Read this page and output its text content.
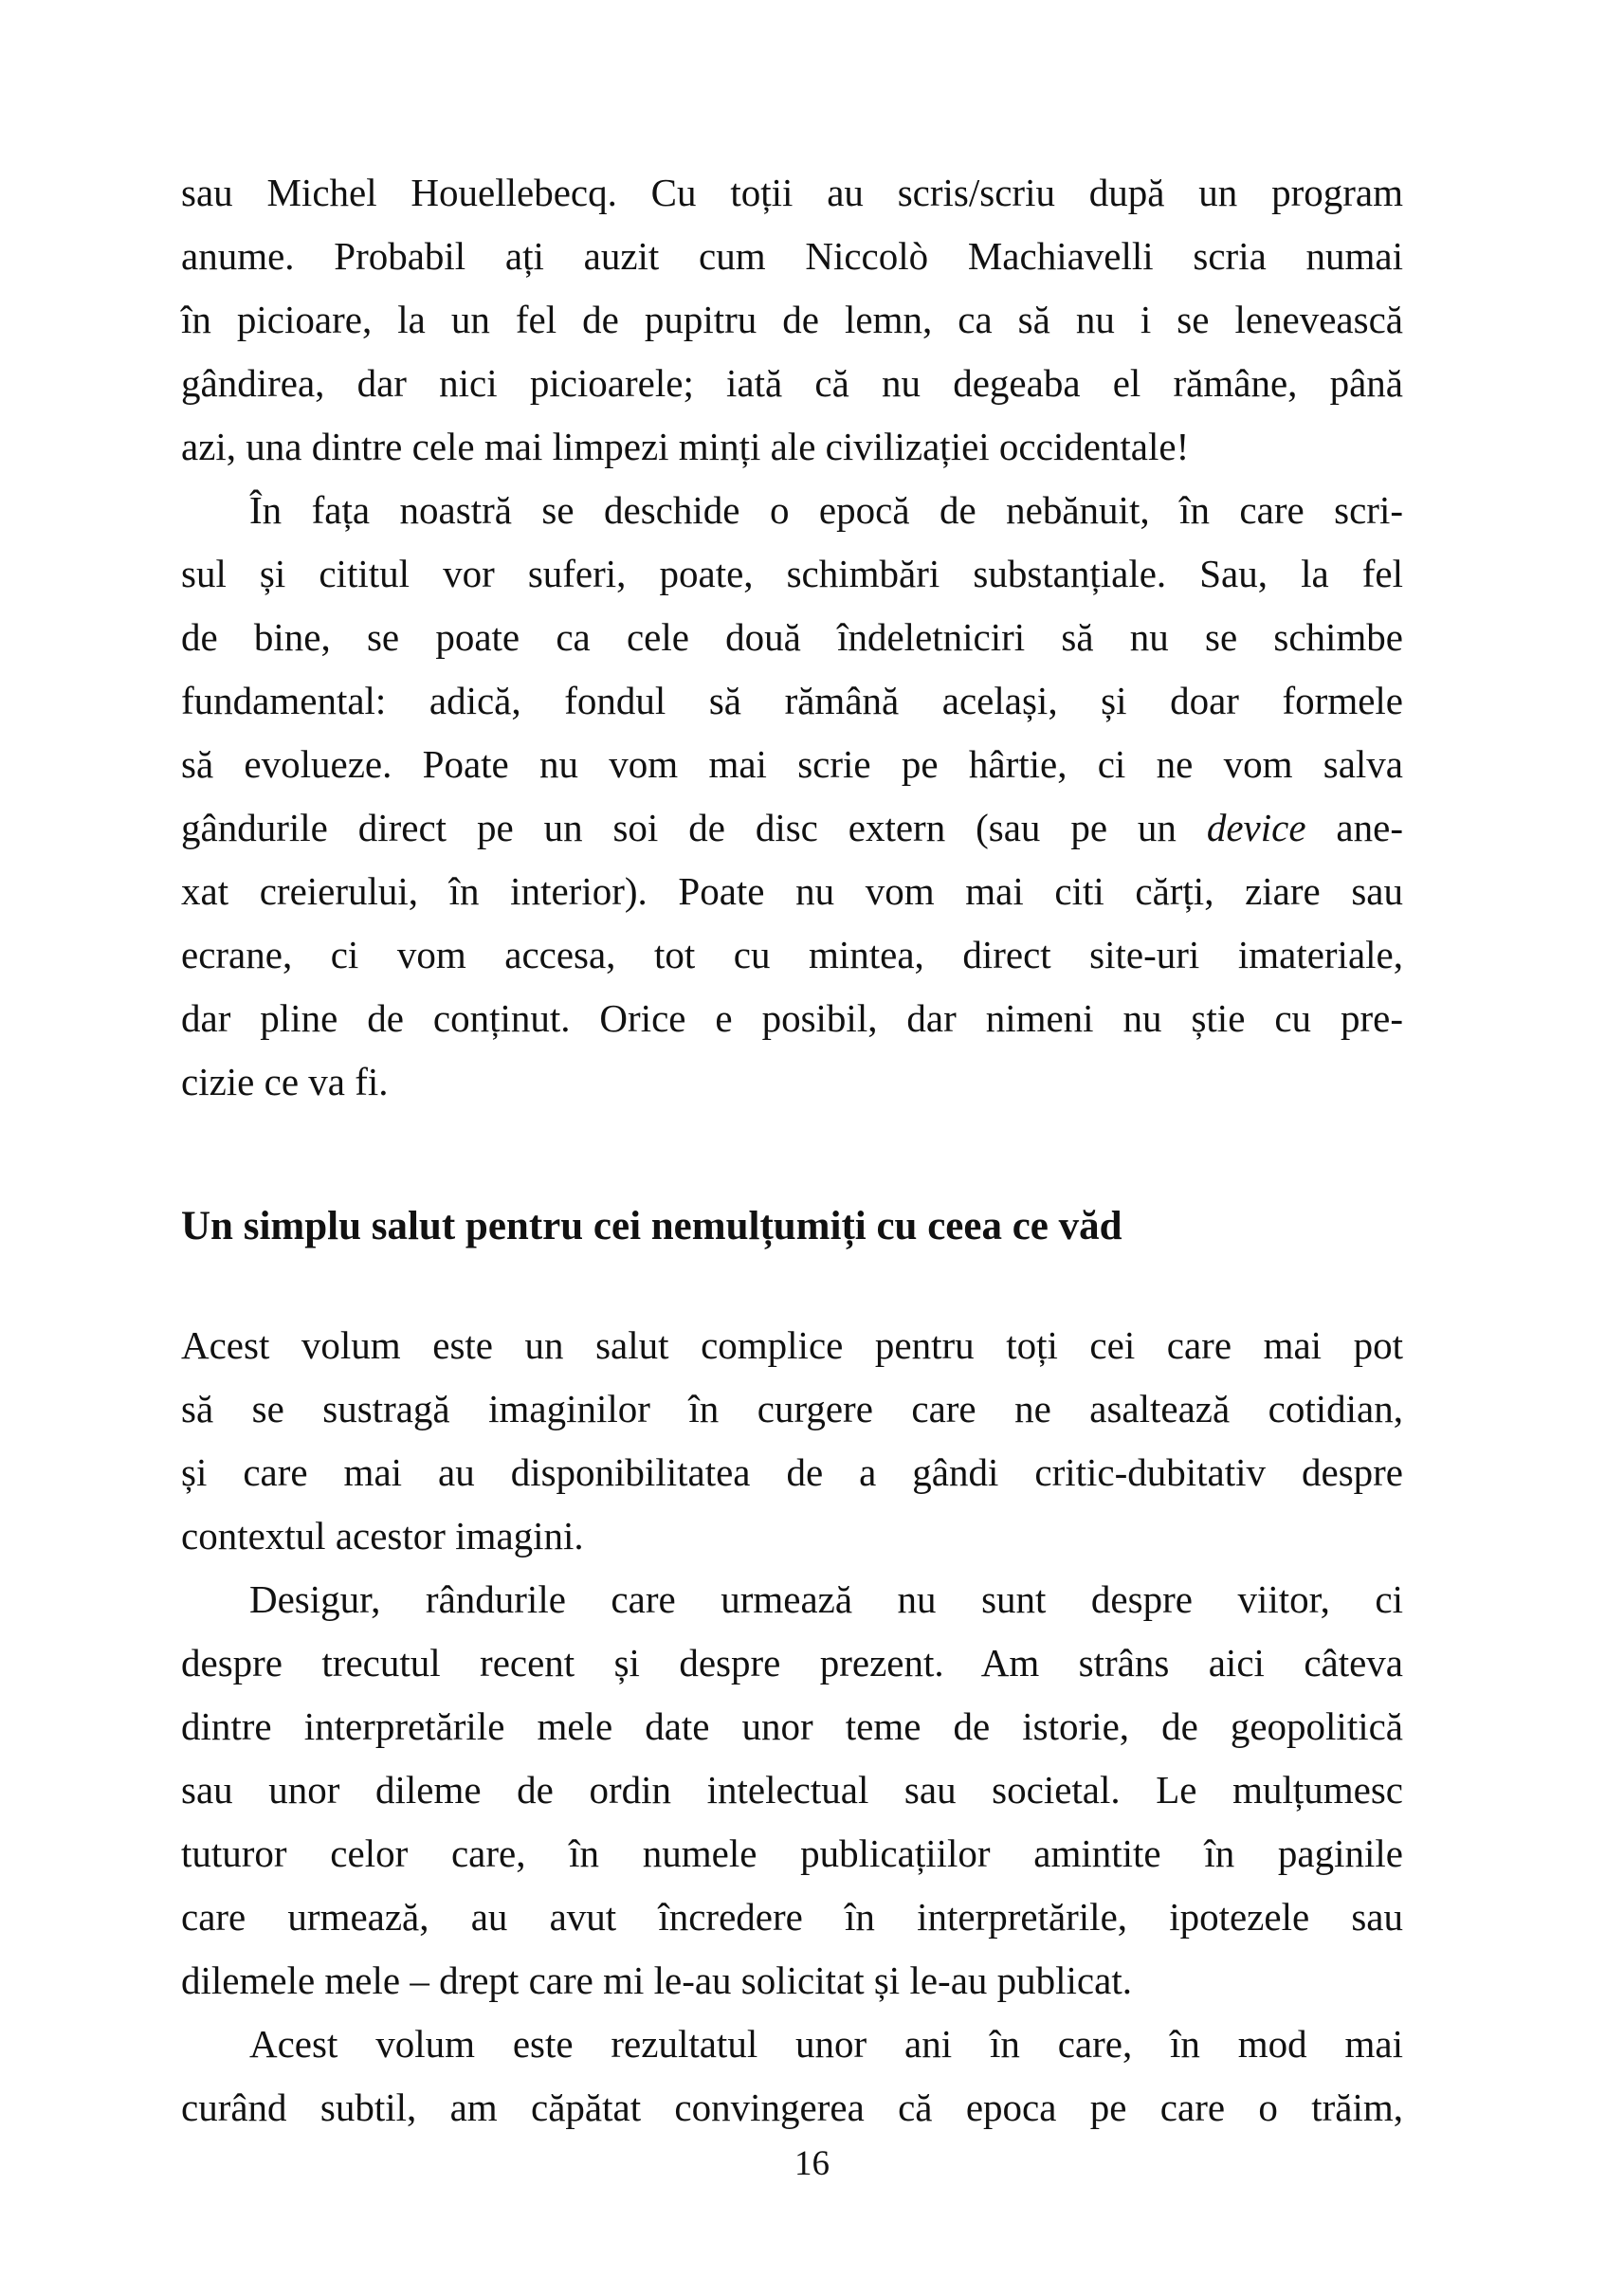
sau Michel Houellebecq. Cu toții au scris/scriu după un program
anume. Probabil ați auzit cum Niccolò Machiavelli scria numai
în picioare, la un fel de pupitru de lemn, ca să nu i se lenevească
gândirea, dar nici picioarele; iată că nu degeaba el rămâne, până
azi, una dintre cele mai limpezi minți ale civilizației occidentale!
În fața noastră se deschide o epocă de nebănuit, în care scri-
sul și cititul vor suferi, poate, schimbări substanțiale. Sau, la fel
de bine, se poate ca cele două îndeletniciri să nu se schimbe
fundamental: adică, fondul să rămână același, și doar formele
să evolueze. Poate nu vom mai scrie pe hârtie, ci ne vom salva
gândurile direct pe un soi de disc extern (sau pe un device ane-
xat creierului, în interior). Poate nu vom mai citi cărți, ziare sau
ecrane, ci vom accesa, tot cu mintea, direct site-uri imateriale,
dar pline de conținut. Orice e posibil, dar nimeni nu știe cu pre-
cizie ce va fi.
Un simplu salut pentru cei nemulțumiți cu ceea ce văd
Acest volum este un salut complice pentru toți cei care mai pot
să se sustragă imaginilor în curgere care ne asaltează cotidian,
și care mai au disponibilitatea de a gândi critic-dubitativ despre
contextul acestor imagini.
Desigur, rândurile care urmează nu sunt despre viitor, ci
despre trecutul recent și despre prezent. Am strâns aici câteva
dintre interpretările mele date unor teme de istorie, de geopolitică
sau unor dileme de ordin intelectual sau societal. Le mulțumesc
tuturor celor care, în numele publicațiilor amintite în paginile
care urmează, au avut încredere în interpretările, ipotezele sau
dilemele mele – drept care mi le-au solicitat și le-au publicat.
Acest volum este rezultatul unor ani în care, în mod mai
curând subtil, am căpătat convingerea că epoca pe care o trăim,
16
